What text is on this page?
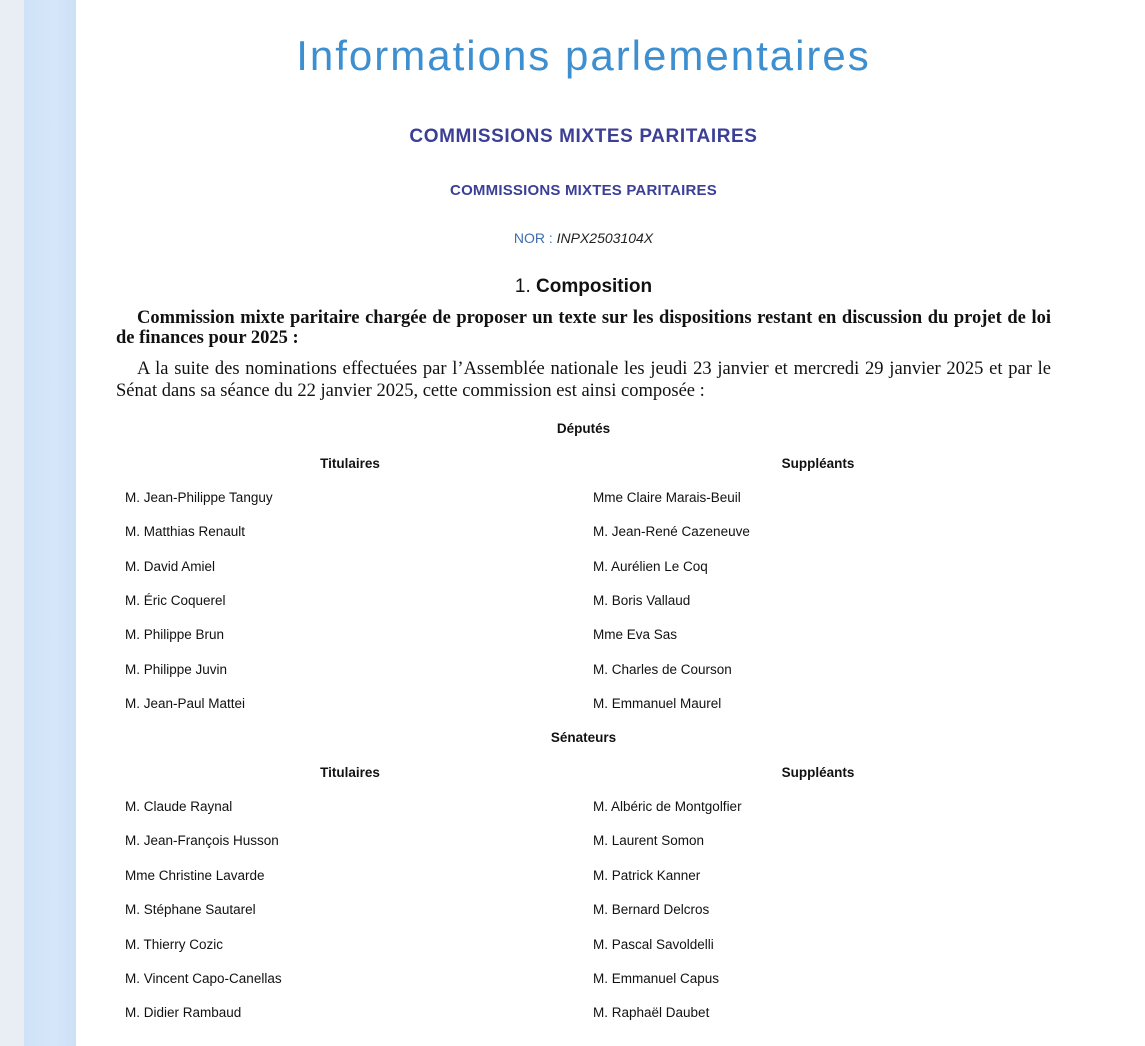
Informations parlementaires
COMMISSIONS MIXTES PARITAIRES
COMMISSIONS MIXTES PARITAIRES
NOR : INPX2503104X
1. Composition
Commission mixte paritaire chargée de proposer un texte sur les dispositions restant en discussion du projet de loi de finances pour 2025 :
A la suite des nominations effectuées par l’Assemblée nationale les jeudi 23 janvier et mercredi 29 janvier 2025 et par le Sénat dans sa séance du 22 janvier 2025, cette commission est ainsi composée :
Députés
Titulaires	Suppléants
M. Jean-Philippe Tanguy
M. Matthias Renault
M. David Amiel
M. Éric Coquerel
M. Philippe Brun
M. Philippe Juvin
M. Jean-Paul Mattei
Mme Claire Marais-Beuil
M. Jean-René Cazeneuve
M. Aurélien Le Coq
M. Boris Vallaud
Mme Eva Sas
M. Charles de Courson
M. Emmanuel Maurel
Sénateurs
Titulaires	Suppléants
M. Claude Raynal
M. Jean-François Husson
Mme Christine Lavarde
M. Stéphane Sautarel
M. Thierry Cozic
M. Vincent Capo-Canellas
M. Didier Rambaud
M. Albéric de Montgolfier
M. Laurent Somon
M. Patrick Kanner
M. Bernard Delcros
M. Pascal Savoldelli
M. Emmanuel Capus
M. Raphaël Daubet
